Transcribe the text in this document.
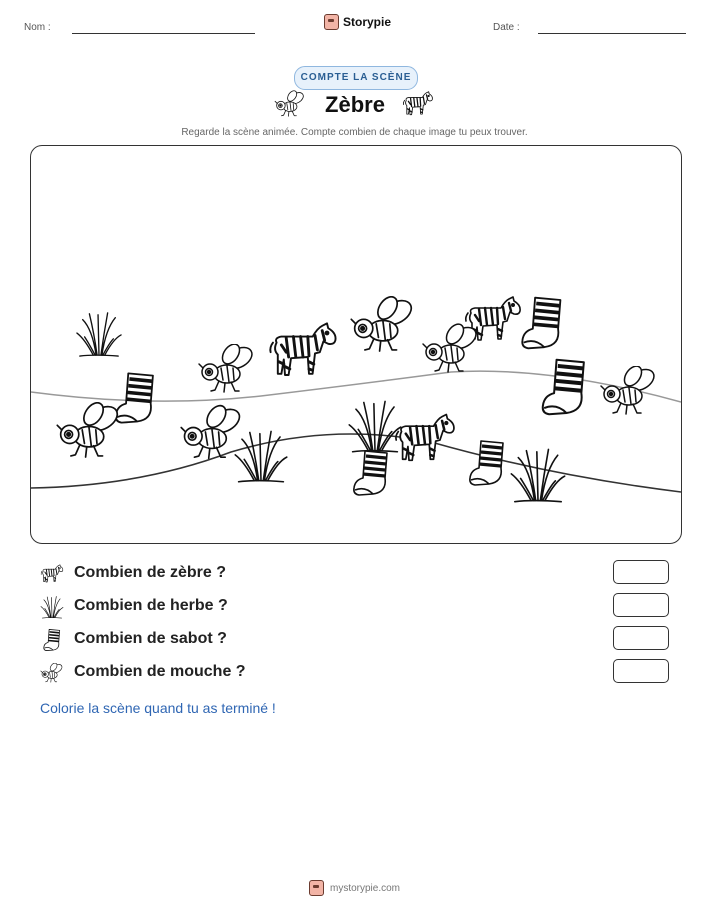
Nom :	Storypie	Date :
COMPTE LA SCÈNE
Zèbre
Regarde la scène animée. Compte combien de chaque image tu peux trouver.
Combien de zèbre ?
Combien de herbe ?
Combien de sabot ?
Combien de mouche ?
Colorie la scène quand tu as terminé !
mystorypie.com
